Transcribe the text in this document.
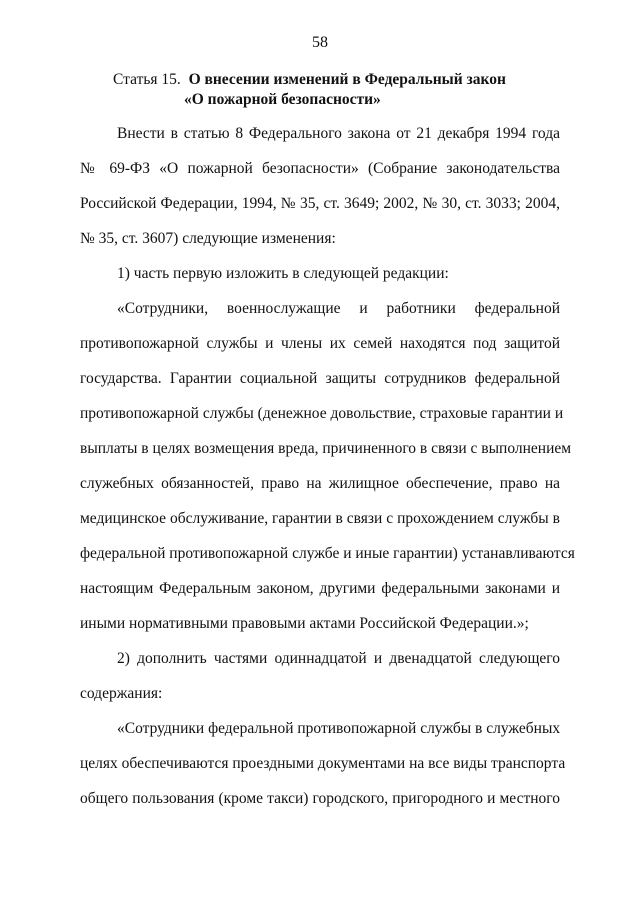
58
Статья 15. О внесении изменений в Федеральный закон
«О пожарной безопасности»
Внести в статью 8 Федерального закона от 21 декабря 1994 года
№ 69-ФЗ «О пожарной безопасности» (Собрание законодательства
Российской Федерации, 1994, № 35, ст. 3649; 2002, № 30, ст. 3033; 2004,
№ 35, ст. 3607) следующие изменения:
1) часть первую изложить в следующей редакции:
«Сотрудники, военнослужащие и работники федеральной
противопожарной службы и члены их семей находятся под защитой
государства. Гарантии социальной защиты сотрудников федеральной
противопожарной службы (денежное довольствие, страховые гарантии и
выплаты в целях возмещения вреда, причиненного в связи с выполнением
служебных обязанностей, право на жилищное обеспечение, право на
медицинское обслуживание, гарантии в связи с прохождением службы в
федеральной противопожарной службе и иные гарантии) устанавливаются
настоящим Федеральным законом, другими федеральными законами и
иными нормативными правовыми актами Российской Федерации.»;
2) дополнить частями одиннадцатой и двенадцатой следующего
содержания:
«Сотрудники федеральной противопожарной службы в служебных
целях обеспечиваются проездными документами на все виды транспорта
общего пользования (кроме такси) городского, пригородного и местного
